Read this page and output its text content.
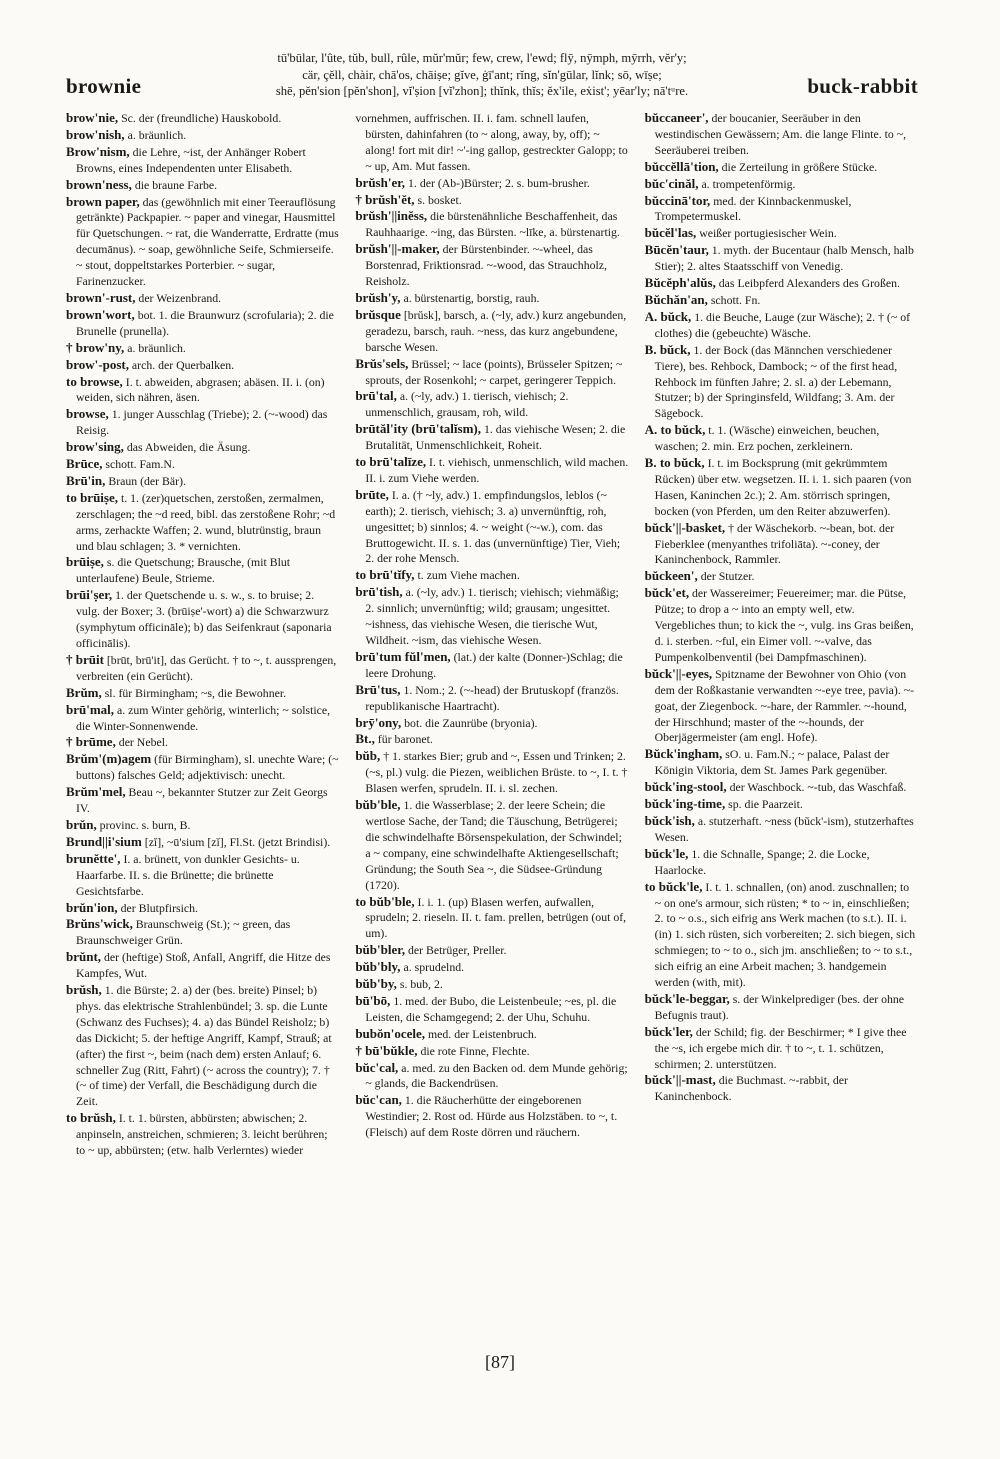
brownie
tū'būlar, l'ûte, tŭb, bull, rûle, mŭr'mŭr; few, crew, l'ewd; flȳ, nȳmph, mȳrrh, vĕr'y;
cär, çĕll, chàir, chā'os, chāiṣe; gĭve, ġī'ant; rĭng, sĭn'gūlar, lĭnk; sō, wīṣe;
shē, pĕn'sion [pĕn'shon], vĭ'ṣion [vĭ'zhon]; thĭnk, thĭs; ĕx'ile, eẋist'; yēar'ly; nā'tᵘre.	buck-rabbit

brow'nie, Sc. der (freundliche) Hauskobold.

brow'nish, a. bräunlich.

Brow'nism, die Lehre, ~ist, der Anhänger Robert Browns, eines Independenten unter Elisabeth.

brown'ness, die braune Farbe.

brown paper, das (gewöhnlich mit einer Teerauflösung getränkte) Packpapier. ~ paper and vinegar, Hausmittel für Quetschungen. ~ rat, die Wanderratte, Erdratte (mus decumānus). ~ soap, gewöhnliche Seife, Schmierseife. ~ stout, doppeltstarkes Porterbier. ~ sugar, Farinenzucker.

brown'-rust, der Weizenbrand.

brown'wort, bot. 1. die Braunwurz (scrofularia); 2. die Brunelle (prunella).

† brow'ny, a. bräunlich.

brow'-post, arch. der Querbalken.

to browse, I. t. abweiden, abgrasen; abäsen. II. i. (on) weiden, sich nähren, äsen.

browse, 1. junger Ausschlag (Triebe); 2. (~-wood) das Reisig.

brow'sing, das Abweiden, die Äsung.

Brūce, schott. Fam.N.

Brū'in, Braun (der Bär).

to brūiṣe, t. 1. (zer)quetschen, zerstoßen, zermalmen, zerschlagen; the ~d reed, bibl. das zerstoßene Rohr; ~d arms, zerhackte Waffen; 2. wund, blutrünstig, braun und blau schlagen; 3. * vernichten.

brūiṣe, s. die Quetschung; Brausche, (mit Blut unterlaufene) Beule, Strieme.

brūi'ṣer, 1. der Quetschende u. s. w., s. to bruise; 2. vulg. der Boxer; 3. (brūiṣe'-wort) a) die Schwarzwurz (symphytum officināle); b) das Seifenkraut (saponaria officinālis).

† brūit [brūt, brū'it], das Gerücht. † to ~, t. aussprengen, verbreiten (ein Gerücht).

Brŭm, sl. für Birmingham; ~s, die Bewohner.

brū'mal, a. zum Winter gehörig, winterlich; ~ solstice, die Winter-Sonnenwende.

† brūme, der Nebel.

Brŭm'(m)agem (für Birmingham), sl. unechte Ware; (~ buttons) falsches Geld; adjektivisch: unecht.

Brŭm'mel, Beau ~, bekannter Stutzer zur Zeit Georgs IV.

brŭn, provinc. s. burn, B.

Brund||i'sium [zĭ], ~ū'sium [zĭ], Fl.St. (jetzt Brindisi).

brunĕtte', I. a. brünett, von dunkler Gesichts- u. Haarfarbe. II. s. die Brünette; die brünette Gesichtsfarbe.

brŭn'ion, der Blutpfirsich.

Brŭns'wick, Braunschweig (St.); ~ green, das Braunschweiger Grün.

brŭnt, der (heftige) Stoß, Anfall, Angriff, die Hitze des Kampfes, Wut.

brŭsh, 1. die Bürste; 2. a) der (bes. breite) Pinsel; b) phys. das elektrische Strahlenbündel; 3. sp. die Lunte (Schwanz des Fuchses); 4. a) das Bündel Reisholz; b) das Dickicht; 5. der heftige Angriff, Kampf, Strauß; at (after) the first ~, beim (nach dem) ersten Anlauf; 6. schneller Zug (Ritt, Fahrt) (~ across the country); 7. † (~ of time) der Verfall, die Beschädigung durch die Zeit.

to brŭsh, I. t. 1. bürsten, abbürsten; abwischen; 2. anpinseln, anstreichen, schmieren; 3. leicht berühren; to ~ up, abbürsten; (etw. halb Verlerntes) wieder

vornehmen, auffrischen. II. i. fam. schnell laufen, bürsten, dahinfahren (to ~ along, away, by, off); ~ along! fort mit dir! ~'-ing gallop, gestreckter Galopp; to ~ up, Am. Mut fassen.

brŭsh'er, 1. der (Ab-)Bürster; 2. s. bum-brusher.

† brŭsh'ĕt, s. bosket.

brŭsh'||inĕss, die bürstenähnliche Beschaffenheit, das Rauhhaarige. ~ing, das Bürsten. ~līke, a. bürstenartig.

brŭsh'||-maker, der Bürstenbinder. ~-wheel, das Borstenrad, Friktionsrad. ~-wood, das Strauchholz, Reisholz.

brŭsh'y, a. bürstenartig, borstig, rauh.

brŭsque [brŭsk], barsch, a. (~ly, adv.) kurz angebunden, geradezu, barsch, rauh. ~ness, das kurz angebundene, barsche Wesen.

Brŭs'sels, Brüssel; ~ lace (points), Brüsseler Spitzen; ~ sprouts, der Rosenkohl; ~ carpet, geringerer Teppich.

brū'tal, a. (~ly, adv.) 1. tierisch, viehisch; 2. unmenschlich, grausam, roh, wild.

brūtăl'ity (brū'talĭsm), 1. das viehische Wesen; 2. die Brutalität, Unmenschlichkeit, Roheit.

to brū'talīze, I. t. viehisch, unmenschlich, wild machen. II. i. zum Viehe werden.

brūte, I. a. († ~ly, adv.) 1. empfindungslos, leblos (~ earth); 2. tierisch, viehisch; 3. a) unvernünftig, roh, ungesittet; b) sinnlos; 4. ~ weight (~-w.), com. das Bruttogewicht. II. s. 1. das (unvernünftige) Tier, Vieh; 2. der rohe Mensch.

to brū'tĭfy, t. zum Viehe machen.

brū'tish, a. (~ly, adv.) 1. tierisch; viehisch; viehmäßig; 2. sinnlich; unvernünftig; wild; grausam; ungesittet. ~ishness, das viehische Wesen, die tierische Wut, Wildheit. ~ism, das viehische Wesen.

brū'tum fŭl'men, (lat.) der kalte (Donner-)Schlag; die leere Drohung.

Brū'tus, 1. Nom.; 2. (~-head) der Brutuskopf (französ. republikanische Haartracht).

brȳ'ony, bot. die Zaunrübe (bryonia).

Bt., für baronet.

bŭb, † 1. starkes Bier; grub and ~, Essen und Trinken; 2. (~s, pl.) vulg. die Piezen, weiblichen Brüste. to ~, I. t. † Blasen werfen, sprudeln. II. i. sl. zechen.

bŭb'ble, 1. die Wasserblase; 2. der leere Schein; die wertlose Sache, der Tand; die Täuschung, Betrügerei; die schwindelhafte Börsenspekulation, der Schwindel; a ~ company, eine schwindelhafte Aktiengesellschaft; Gründung; the South Sea ~, die Südsee-Gründung (1720).

to bŭb'ble, I. i. 1. (up) Blasen werfen, aufwallen, sprudeln; 2. rieseln. II. t. fam. prellen, betrügen (out of, um).

bŭb'bler, der Betrüger, Preller.

bŭb'bly, a. sprudelnd.

bŭb'by, s. bub, 2.

bū'bō, 1. med. der Bubo, die Leistenbeule; ~es, pl. die Leisten, die Schamgegend; 2. der Uhu, Schuhu.

bubŏn'ocele, med. der Leistenbruch.

† bū'bŭkle, die rote Finne, Flechte.

bŭc'cal, a. med. zu den Backen od. dem Munde gehörig; ~ glands, die Backendrüsen.

bŭc'can, 1. die Räucherhütte der eingeborenen Westindier; 2. Rost od. Hürde aus Holzstäben. to ~, t. (Fleisch) auf dem Roste dörren und räuchern.

bŭccaneer', der boucanier, Seeräuber in den westindischen Gewässern; Am. die lange Flinte. to ~, Seeräuberei treiben.

bŭccĕllā'tion, die Zerteilung in größere Stücke.

bŭc'cinăl, a. trompetenförmig.

bŭccinā'tor, med. der Kinnbackenmuskel, Trompetermuskel.

bŭcĕl'las, weißer portugiesischer Wein.

Būcĕn'taur, 1. myth. der Bucentaur (halb Mensch, halb Stier); 2. altes Staatsschiff von Venedig.

Bŭcĕph'alŭs, das Leibpferd Alexanders des Großen.

Bŭchăn'an, schott. Fn.

A. bŭck, 1. die Beuche, Lauge (zur Wäsche); 2. † (~ of clothes) die (gebeuchte) Wäsche.

B. bŭck, 1. der Bock (das Männchen verschiedener Tiere), bes. Rehbock, Dambock; ~ of the first head, Rehbock im fünften Jahre; 2. sl. a) der Lebemann, Stutzer; b) der Springinsfeld, Wildfang; 3. Am. der Sägebock.

A. to bŭck, t. 1. (Wäsche) einweichen, beuchen, waschen; 2. min. Erz pochen, zerkleinern.

B. to bŭck, I. t. im Bocksprung (mit gekrümmtem Rücken) über etw. wegsetzen. II. i. 1. sich paaren (von Hasen, Kaninchen 2c.); 2. Am. störrisch springen, bocken (von Pferden, um den Reiter abzuwerfen).

bŭck'||-basket, † der Wäschekorb. ~-bean, bot. der Fieberklee (menyanthes trifoliāta). ~-coney, der Kaninchenbock, Rammler.

bŭckeen', der Stutzer.

bŭck'et, der Wassereimer; Feuereimer; mar. die Pütse, Pütze; to drop a ~ into an empty well, etw. Vergebliches thun; to kick the ~, vulg. ins Gras beißen, d. i. sterben. ~ful, ein Eimer voll. ~-valve, das Pumpenkolbenventil (bei Dampfmaschinen).

bŭck'||-eyes, Spitzname der Bewohner von Ohio (von dem der Roßkastanie verwandten ~-eye tree, pavia). ~-goat, der Ziegenbock. ~-hare, der Rammler. ~-hound, der Hirschhund; master of the ~-hounds, der Oberjägermeister (am engl. Hofe).

Bŭck'ingham, sO. u. Fam.N.; ~ palace, Palast der Königin Viktoria, dem St. James Park gegenüber.

bŭck'ing-stool, der Waschbock. ~-tub, das Waschfaß.

bŭck'ing-time, sp. die Paarzeit.

bŭck'ish, a. stutzerhaft. ~ness (bŭck'-ism), stutzerhaftes Wesen.

bŭck'le, 1. die Schnalle, Spange; 2. die Locke, Haarlocke.

to bŭck'le, I. t. 1. schnallen, (on) anod. zuschnallen; to ~ on one's armour, sich rüsten; * to ~ in, einschließen; 2. to ~ o.s., sich eifrig ans Werk machen (to s.t.). II. i. (in) 1. sich rüsten, sich vorbereiten; 2. sich biegen, sich schmiegen; to ~ to o., sich jm. anschließen; to ~ to s.t., sich eifrig an eine Arbeit machen; 3. handgemein werden (with, mit).

bŭck'le-beggar, s. der Winkelprediger (bes. der ohne Befugnis traut).

bŭck'ler, der Schild; fig. der Beschirmer; * I give thee the ~s, ich ergebe mich dir. † to ~, t. 1. schützen, schirmen; 2. unterstützen.

bŭck'||-mast, die Buchmast. ~-rabbit, der Kaninchenbock.

[87]
